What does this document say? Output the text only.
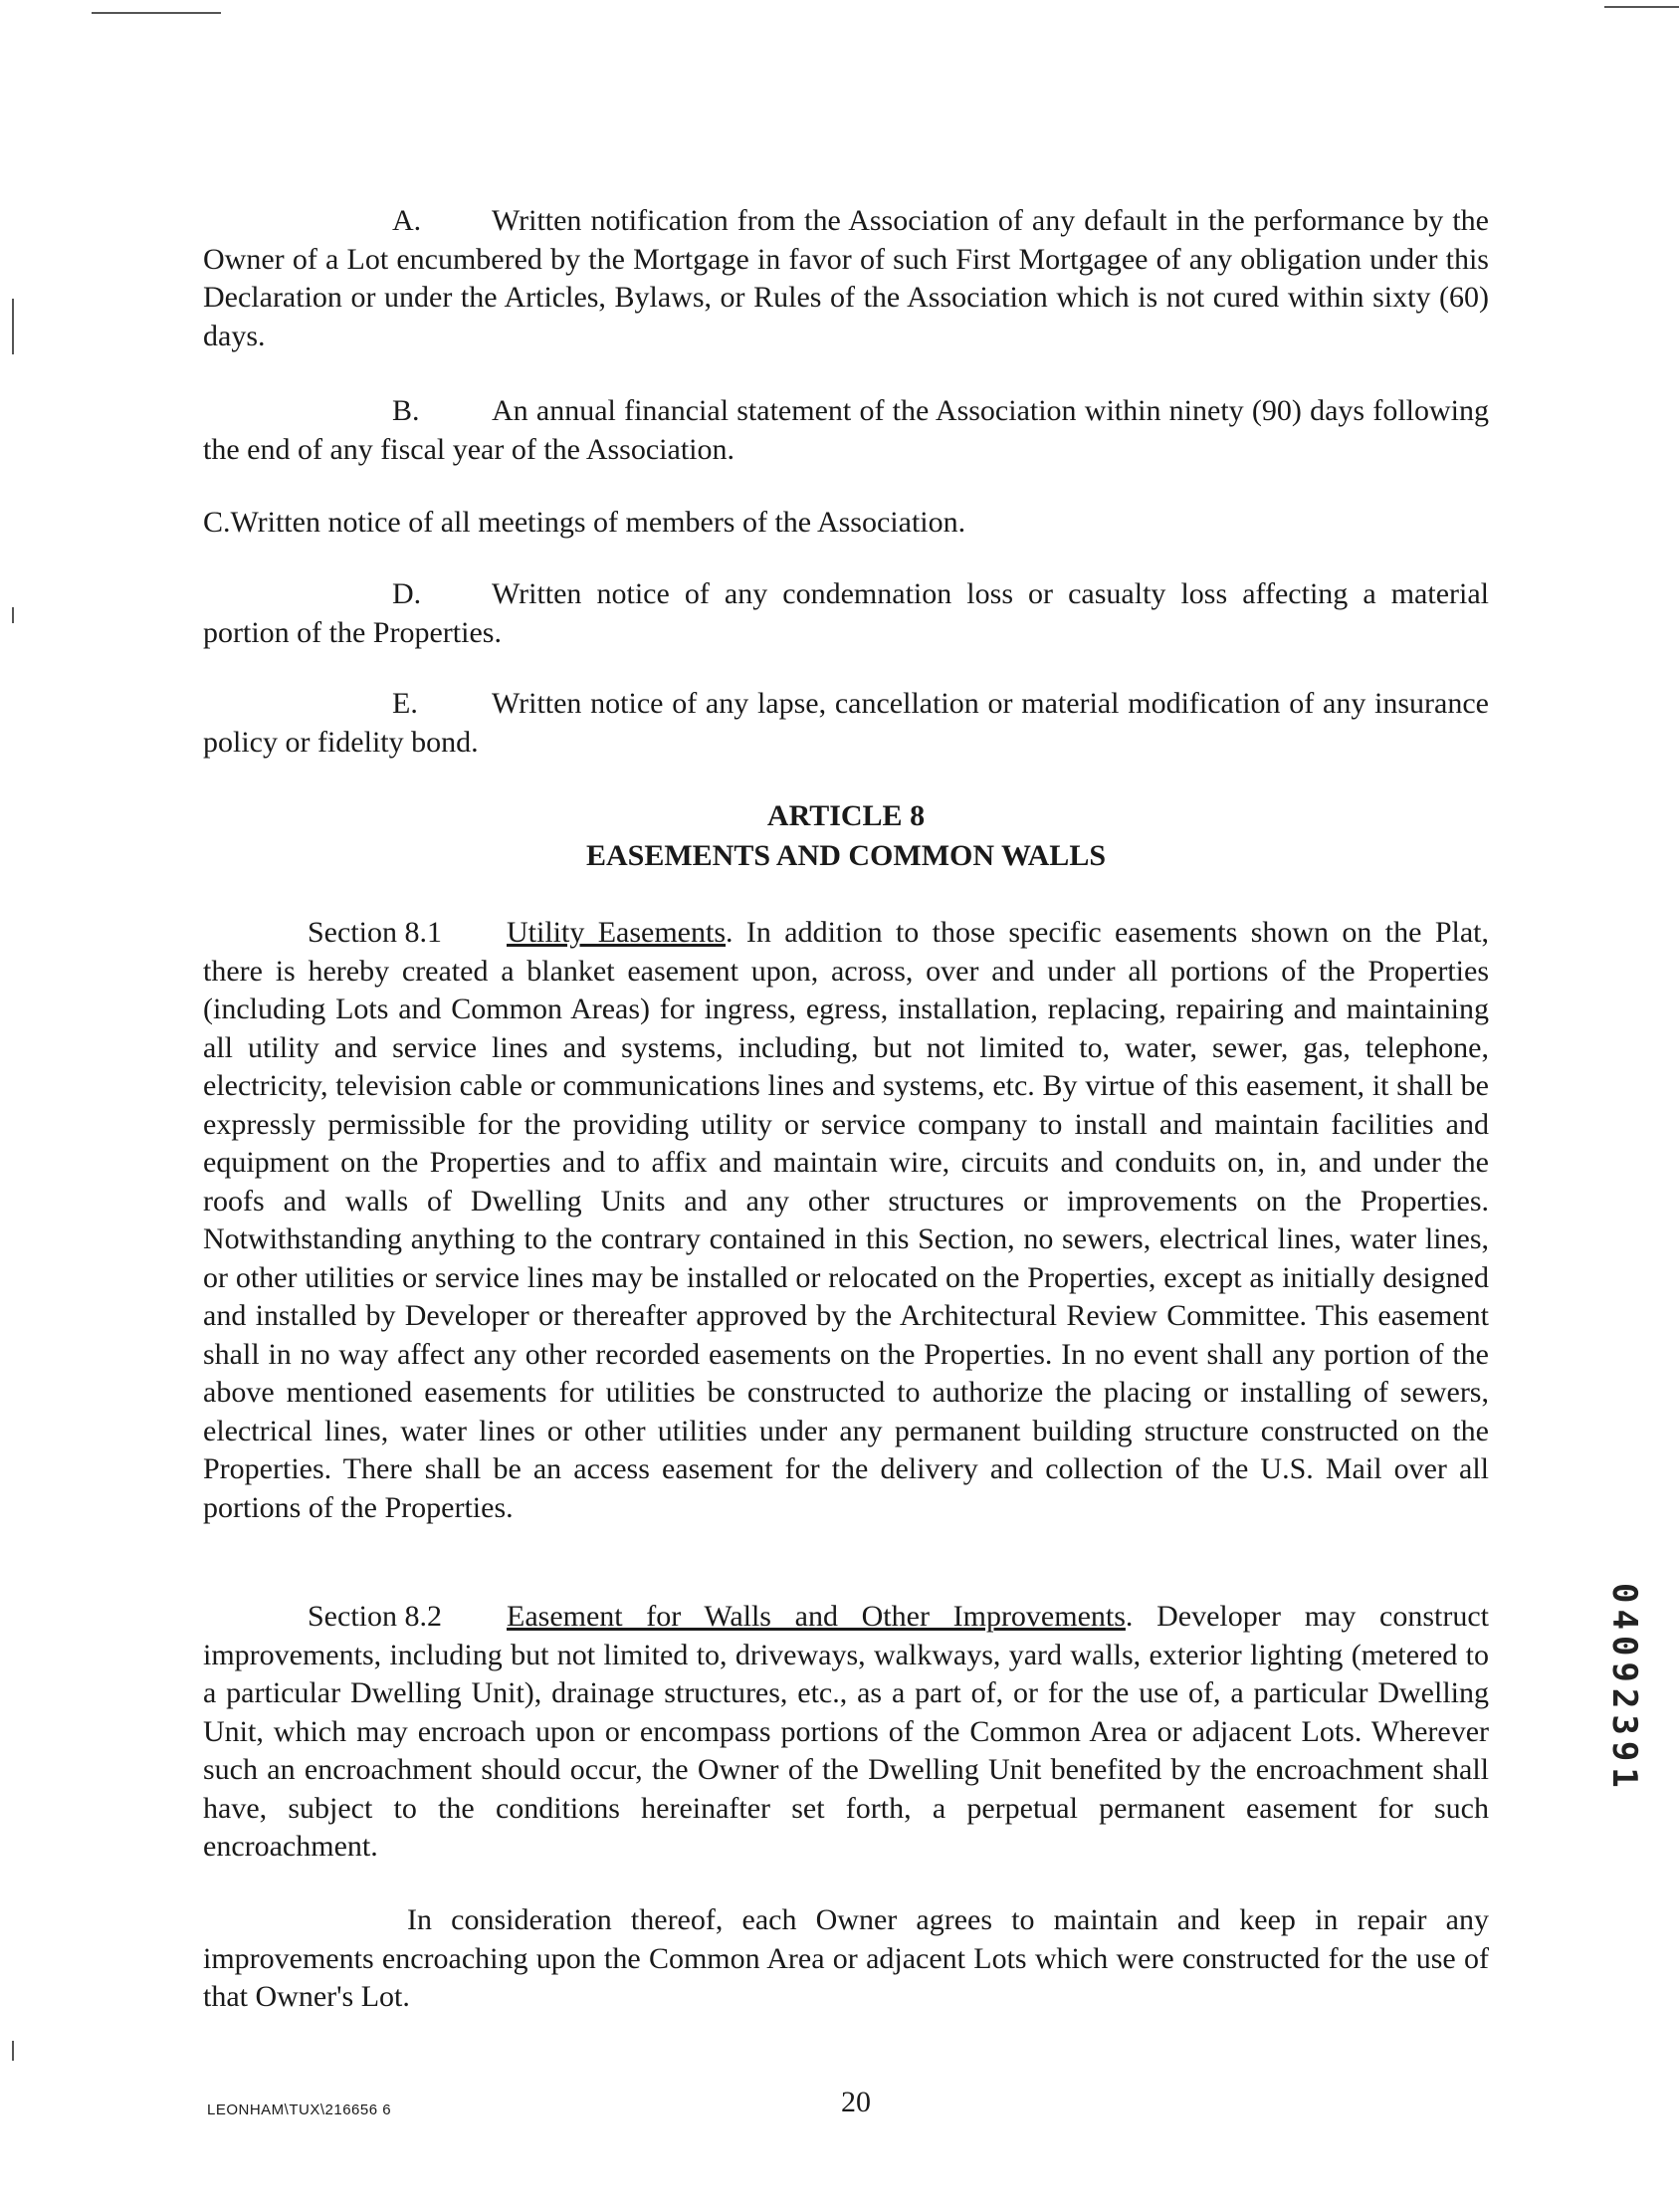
A. Written notification from the Association of any default in the performance by the Owner of a Lot encumbered by the Mortgage in favor of such First Mortgagee of any obligation under this Declaration or under the Articles, Bylaws, or Rules of the Association which is not cured within sixty (60) days.

B. An annual financial statement of the Association within ninety (90) days following the end of any fiscal year of the Association.

C.Written notice of all meetings of members of the Association.

D. Written notice of any condemnation loss or casualty loss affecting a material portion of the Properties.

E. Written notice of any lapse, cancellation or material modification of any insurance policy or fidelity bond.

ARTICLE 8

EASEMENTS AND COMMON WALLS

Section 8.1 Utility Easements. In addition to those specific easements shown on the Plat, there is hereby created a blanket easement upon, across, over and under all portions of the Properties (including Lots and Common Areas) for ingress, egress, installation, replacing, repairing and maintaining all utility and service lines and systems, including, but not limited to, water, sewer, gas, telephone, electricity, television cable or communications lines and systems, etc. By virtue of this easement, it shall be expressly permissible for the providing utility or service company to install and maintain facilities and equipment on the Properties and to affix and maintain wire, circuits and conduits on, in, and under the roofs and walls of Dwelling Units and any other structures or improvements on the Properties. Notwithstanding anything to the contrary contained in this Section, no sewers, electrical lines, water lines, or other utilities or service lines may be installed or relocated on the Properties, except as initially designed and installed by Developer or thereafter approved by the Architectural Review Committee. This easement shall in no way affect any other recorded easements on the Properties. In no event shall any portion of the above mentioned easements for utilities be constructed to authorize the placing or installing of sewers, electrical lines, water lines or other utilities under any permanent building structure constructed on the Properties. There shall be an access easement for the delivery and collection of the U.S. Mail over all portions of the Properties.

Section 8.2 Easement for Walls and Other Improvements. Developer may construct improvements, including but not limited to, driveways, walkways, yard walls, exterior lighting (metered to a particular Dwelling Unit), drainage structures, etc., as a part of, or for the use of, a particular Dwelling Unit, which may encroach upon or encompass portions of the Common Area or adjacent Lots. Wherever such an encroachment should occur, the Owner of the Dwelling Unit benefited by the encroachment shall have, subject to the conditions hereinafter set forth, a perpetual permanent easement for such encroachment.

In consideration thereof, each Owner agrees to maintain and keep in repair any improvements encroaching upon the Common Area or adjacent Lots which were constructed for the use of that Owner's Lot.

04092391
LEONHAM\TUX\216656 6	20
